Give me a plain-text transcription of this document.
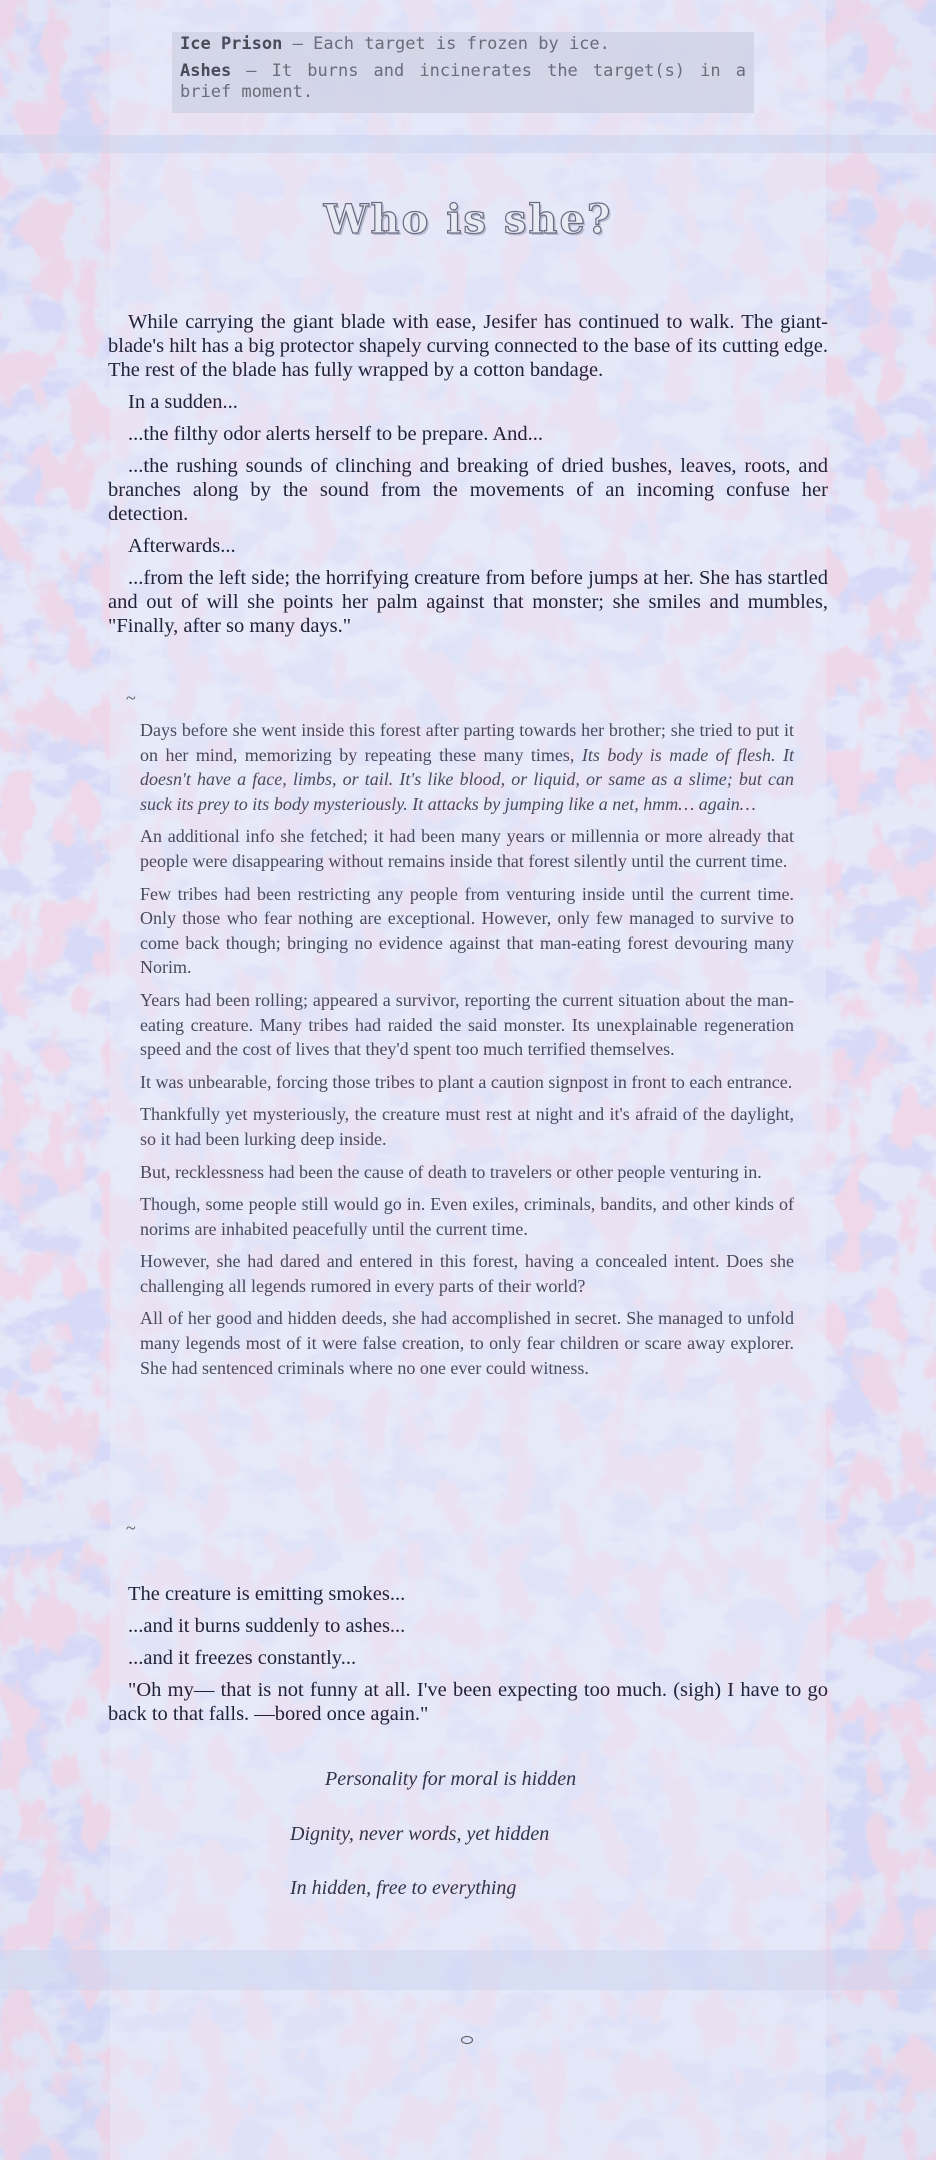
Ice Prison — Each target is frozen by ice.

Ashes — It burns and incinerates the target(s) in a brief moment.

Who is she?

While carrying the giant blade with ease, Jesifer has continued to walk. The giant-blade's hilt has a big protector shapely curving connected to the base of its cutting edge. The rest of the blade has fully wrapped by a cotton bandage.

In a sudden...

...the filthy odor alerts herself to be prepare. And...

...the rushing sounds of clinching and breaking of dried bushes, leaves, roots, and branches along by the sound from the movements of an incoming confuse her detection.

Afterwards...

...from the left side; the horrifying creature from before jumps at her. She has startled and out of will she points her palm against that monster; she smiles and mumbles, "Finally, after so many days."

~

Days before she went inside this forest after parting towards her brother; she tried to put it on her mind, memorizing by repeating these many times, Its body is made of flesh. It doesn't have a face, limbs, or tail. It's like blood, or liquid, or same as a slime; but can suck its prey to its body mysteriously. It attacks by jumping like a net, hmm… again…

An additional info she fetched; it had been many years or millennia or more already that people were disappearing without remains inside that forest silently until the current time.

Few tribes had been restricting any people from venturing inside until the current time. Only those who fear nothing are exceptional. However, only few managed to survive to come back though; bringing no evidence against that man-eating forest devouring many Norim.

Years had been rolling; appeared a survivor, reporting the current situation about the man-eating creature. Many tribes had raided the said monster. Its unexplainable regeneration speed and the cost of lives that they'd spent too much terrified themselves.

It was unbearable, forcing those tribes to plant a caution signpost in front to each entrance.

Thankfully yet mysteriously, the creature must rest at night and it's afraid of the daylight, so it had been lurking deep inside.

But, recklessness had been the cause of death to travelers or other people venturing in.

Though, some people still would go in. Even exiles, criminals, bandits, and other kinds of norims are inhabited peacefully until the current time.

However, she had dared and entered in this forest, having a concealed intent. Does she challenging all legends rumored in every parts of their world?

All of her good and hidden deeds, she had accomplished in secret. She managed to unfold many legends most of it were false creation, to only fear children or scare away explorer. She had sentenced criminals where no one ever could witness.

~

The creature is emitting smokes...

...and it burns suddenly to ashes...

...and it freezes constantly...

"Oh my— that is not funny at all. I've been expecting too much. (sigh) I have to go back to that falls. —bored once again."

Personality for moral is hidden
Dignity, never words, yet hidden
In hidden, free to everything
